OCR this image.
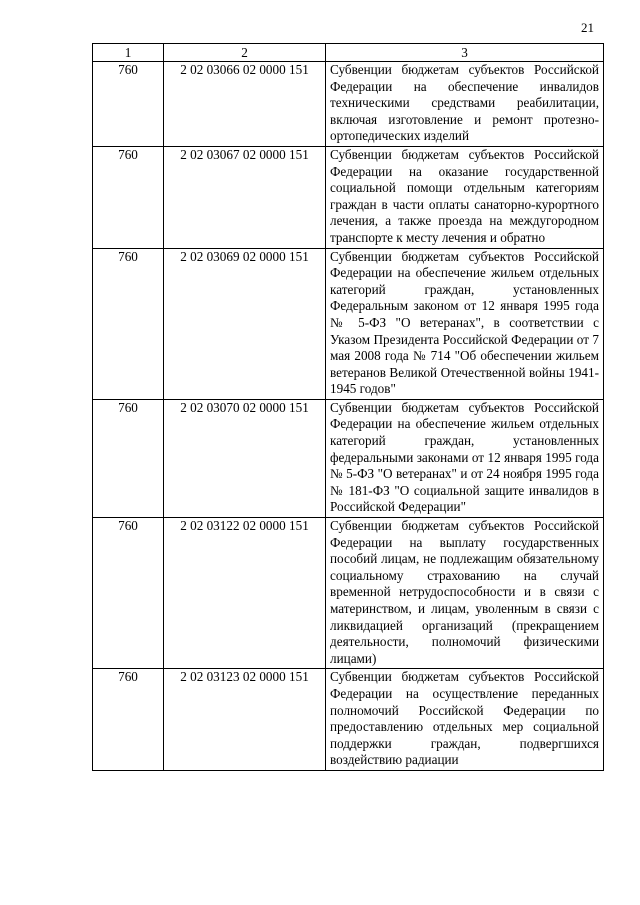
21
1	2	3
760	2 02 03066 02 0000 151	Субвенции бюджетам субъектов Российской Федерации на обеспечение инвалидов техническими средствами реабилитации, включая изготовление и ремонт протезно-ортопедических изделий
760	2 02 03067 02 0000 151	Субвенции бюджетам субъектов Российской Федерации на оказание государственной социальной помощи отдельным категориям граждан в части оплаты санаторно-курортного лечения, а также проезда на междугородном транспорте к месту лечения и обратно
760	2 02 03069 02 0000 151	Субвенции бюджетам субъектов Российской Федерации на обеспечение жильем отдельных категорий граждан, установленных Федеральным законом от 12 января 1995 года № 5-ФЗ "О ветеранах", в соответствии с Указом Президента Российской Федерации от 7 мая 2008 года № 714 "Об обеспечении жильем ветеранов Великой Отечественной войны 1941-1945 годов"
760	2 02 03070 02 0000 151	Субвенции бюджетам субъектов Российской Федерации на обеспечение жильем отдельных категорий граждан, установленных федеральными законами от 12 января 1995 года № 5-ФЗ "О ветеранах" и от 24 ноября 1995 года № 181-ФЗ "О социальной защите инвалидов в Российской Федерации"
760	2 02 03122 02 0000 151	Субвенции бюджетам субъектов Российской Федерации на выплату государственных пособий лицам, не подлежащим обязательному социальному страхованию на случай временной нетрудоспособности и в связи с материнством, и лицам, уволенным в связи с ликвидацией организаций (прекращением деятельности, полномочий физическими лицами)
760	2 02 03123 02 0000 151	Субвенции бюджетам субъектов Российской Федерации на осуществление переданных полномочий Российской Федерации по предоставлению отдельных мер социальной поддержки граждан, подвергшихся воздействию радиации
